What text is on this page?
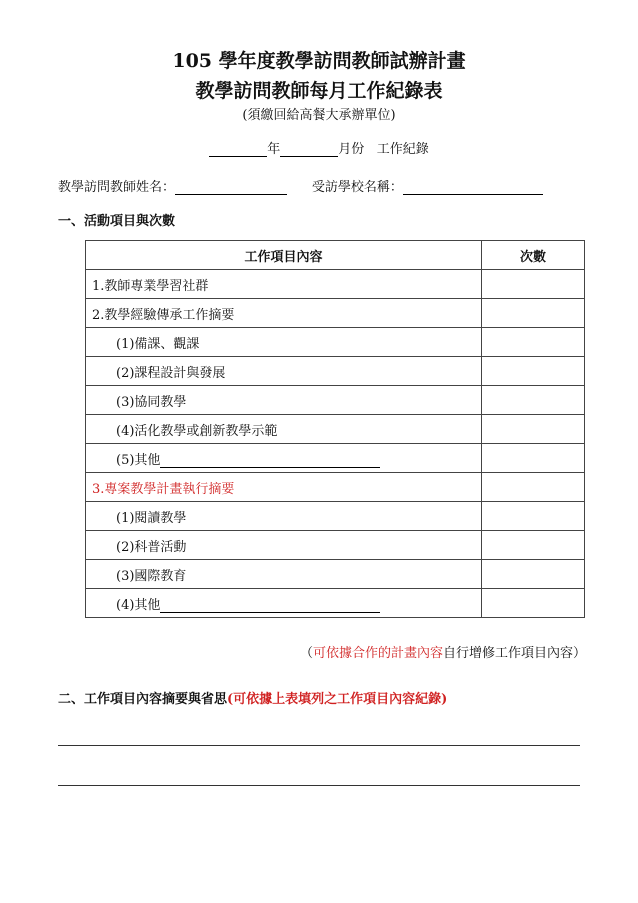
105 學年度教學訪問教師試辦計畫
教學訪問教師每月工作紀錄表
(須繳回給高餐大承辦單位)
年	月份 工作紀錄
教學訪問教師姓名：	受訪學校名稱：
一、活動項目與次數
工作項目內容	次數
1.教師專業學習社群	
2.教學經驗傳承工作摘要	
(1)備課、觀課	
(2)課程設計與發展	
(3)協同教學	
(4)活化教學或創新教學示範	
(5)其他	
3.專案教學計畫執行摘要	
(1)閱讀教學	
(2)科普活動	
(3)國際教育	
(4)其他	
（可依據合作的計畫內容自行增修工作項目內容）
二、工作項目內容摘要與省思(可依據上表填列之工作項目內容紀錄)
